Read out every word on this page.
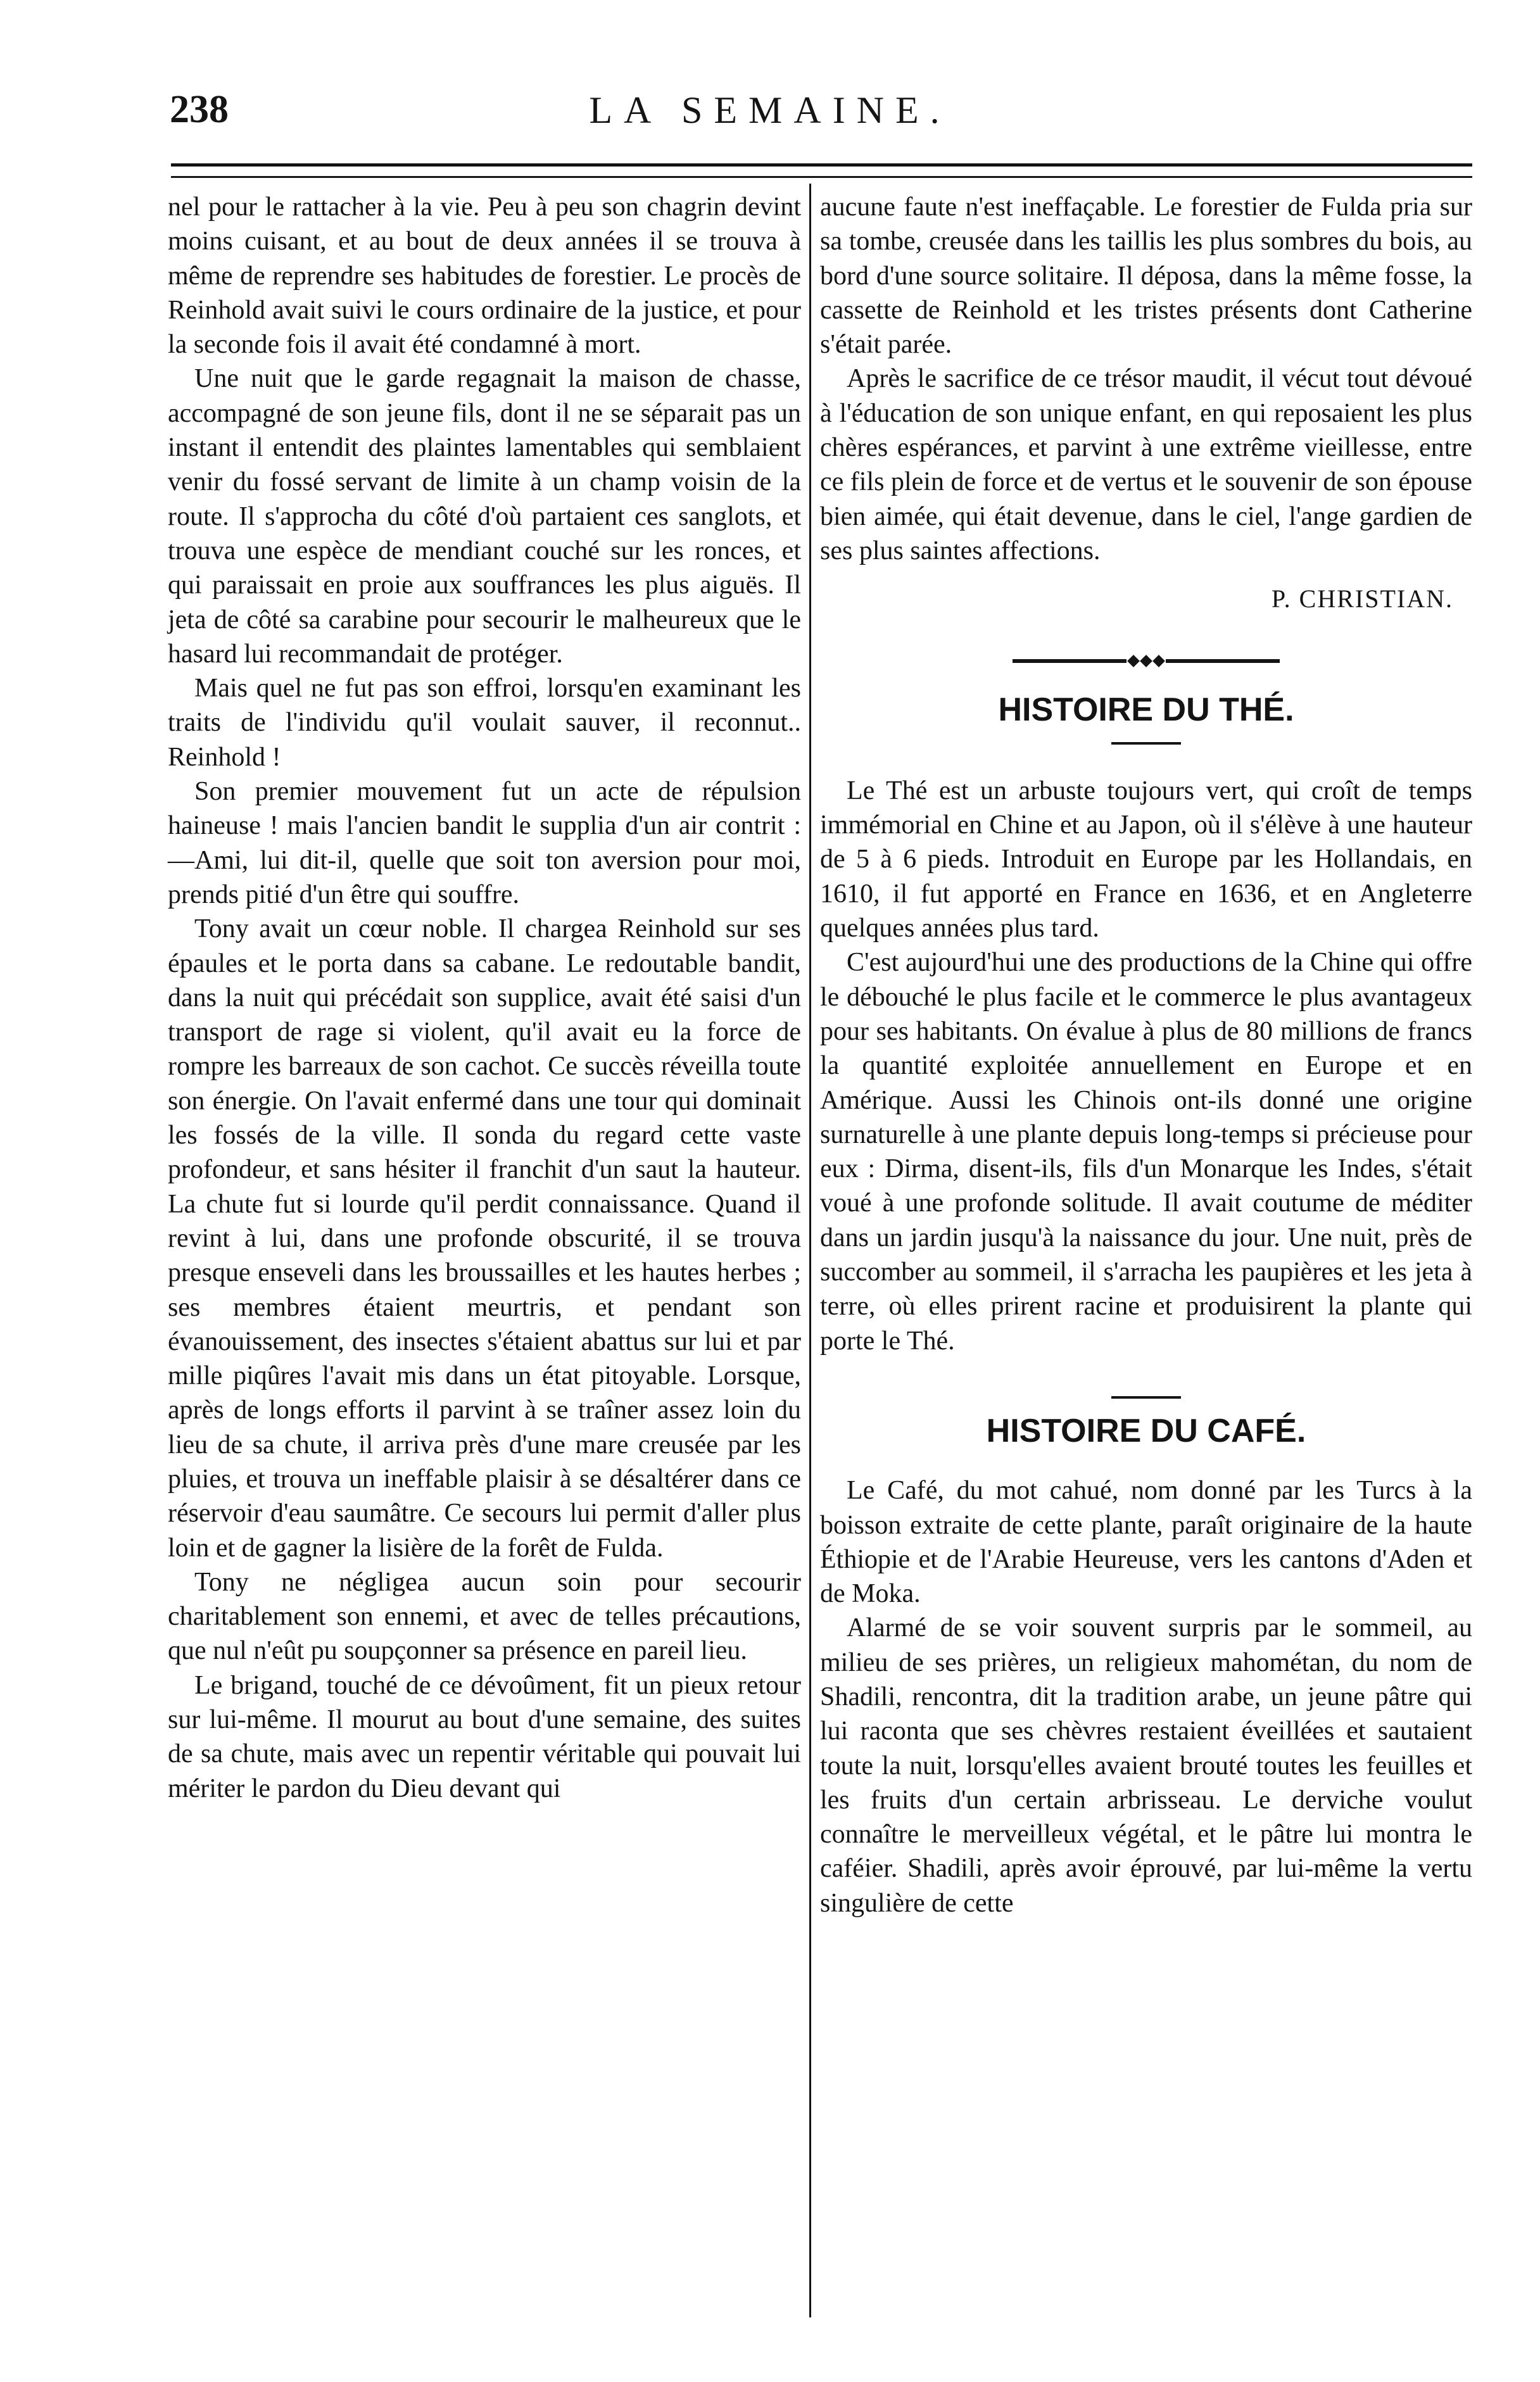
238	LA SEMAINE.

nel pour le rattacher à la vie. Peu à peu son chagrin devint moins cuisant, et au bout de deux années il se trouva à même de reprendre ses habitudes de forestier. Le procès de Reinhold avait suivi le cours ordinaire de la justice, et pour la seconde fois il avait été condamné à mort.

Une nuit que le garde regagnait la maison de chasse, accompagné de son jeune fils, dont il ne se séparait pas un instant il entendit des plaintes lamentables qui semblaient venir du fossé servant de limite à un champ voisin de la route. Il s'approcha du côté d'où partaient ces sanglots, et trouva une espèce de mendiant couché sur les ronces, et qui paraissait en proie aux souffrances les plus aiguës. Il jeta de côté sa carabine pour secourir le malheureux que le hasard lui recommandait de protéger.

Mais quel ne fut pas son effroi, lorsqu'en examinant les traits de l'individu qu'il voulait sauver, il reconnut.. Reinhold !

Son premier mouvement fut un acte de répulsion haineuse ! mais l'ancien bandit le supplia d'un air contrit : —Ami, lui dit-il, quelle que soit ton aversion pour moi, prends pitié d'un être qui souffre.

Tony avait un cœur noble. Il chargea Reinhold sur ses épaules et le porta dans sa cabane. Le redoutable bandit, dans la nuit qui précédait son supplice, avait été saisi d'un transport de rage si violent, qu'il avait eu la force de rompre les barreaux de son cachot. Ce succès réveilla toute son énergie. On l'avait enfermé dans une tour qui dominait les fossés de la ville. Il sonda du regard cette vaste profondeur, et sans hésiter il franchit d'un saut la hauteur. La chute fut si lourde qu'il perdit connaissance. Quand il revint à lui, dans une profonde obscurité, il se trouva presque enseveli dans les broussailles et les hautes herbes ; ses membres étaient meurtris, et pendant son évanouissement, des insectes s'étaient abattus sur lui et par mille piqûres l'avait mis dans un état pitoyable. Lorsque, après de longs efforts il parvint à se traîner assez loin du lieu de sa chute, il arriva près d'une mare creusée par les pluies, et trouva un ineffable plaisir à se désaltérer dans ce réservoir d'eau saumâtre. Ce secours lui permit d'aller plus loin et de gagner la lisière de la forêt de Fulda.

Tony ne négligea aucun soin pour secourir charitablement son ennemi, et avec de telles précautions, que nul n'eût pu soupçonner sa présence en pareil lieu.

Le brigand, touché de ce dévoûment, fit un pieux retour sur lui-même. Il mourut au bout d'une semaine, des suites de sa chute, mais avec un repentir véritable qui pouvait lui mériter le pardon du Dieu devant qui

aucune faute n'est ineffaçable. Le forestier de Fulda pria sur sa tombe, creusée dans les taillis les plus sombres du bois, au bord d'une source solitaire. Il déposa, dans la même fosse, la cassette de Reinhold et les tristes présents dont Catherine s'était parée.

Après le sacrifice de ce trésor maudit, il vécut tout dévoué à l'éducation de son unique enfant, en qui reposaient les plus chères espérances, et parvint à une extrême vieillesse, entre ce fils plein de force et de vertus et le souvenir de son épouse bien aimée, qui était devenue, dans le ciel, l'ange gardien de ses plus saintes affections.

P. CHRISTIAN.
HISTOIRE DU THÉ.

Le Thé est un arbuste toujours vert, qui croît de temps immémorial en Chine et au Japon, où il s'élève à une hauteur de 5 à 6 pieds. Introduit en Europe par les Hollandais, en 1610, il fut apporté en France en 1636, et en Angleterre quelques années plus tard.

C'est aujourd'hui une des productions de la Chine qui offre le débouché le plus facile et le commerce le plus avantageux pour ses habitants. On évalue à plus de 80 millions de francs la quantité exploitée annuellement en Europe et en Amérique. Aussi les Chinois ont-ils donné une origine surnaturelle à une plante depuis long-temps si précieuse pour eux : Dirma, disent-ils, fils d'un Monarque les Indes, s'était voué à une profonde solitude. Il avait coutume de méditer dans un jardin jusqu'à la naissance du jour. Une nuit, près de succomber au sommeil, il s'arracha les paupières et les jeta à terre, où elles prirent racine et produisirent la plante qui porte le Thé.

HISTOIRE DU CAFÉ.

Le Café, du mot cahué, nom donné par les Turcs à la boisson extraite de cette plante, paraît originaire de la haute Éthiopie et de l'Arabie Heureuse, vers les cantons d'Aden et de Moka.

Alarmé de se voir souvent surpris par le sommeil, au milieu de ses prières, un religieux mahométan, du nom de Shadili, rencontra, dit la tradition arabe, un jeune pâtre qui lui raconta que ses chèvres restaient éveillées et sautaient toute la nuit, lorsqu'elles avaient brouté toutes les feuilles et les fruits d'un certain arbrisseau. Le derviche voulut connaître le merveilleux végétal, et le pâtre lui montra le caféier. Shadili, après avoir éprouvé, par lui-même la vertu singulière de cette
